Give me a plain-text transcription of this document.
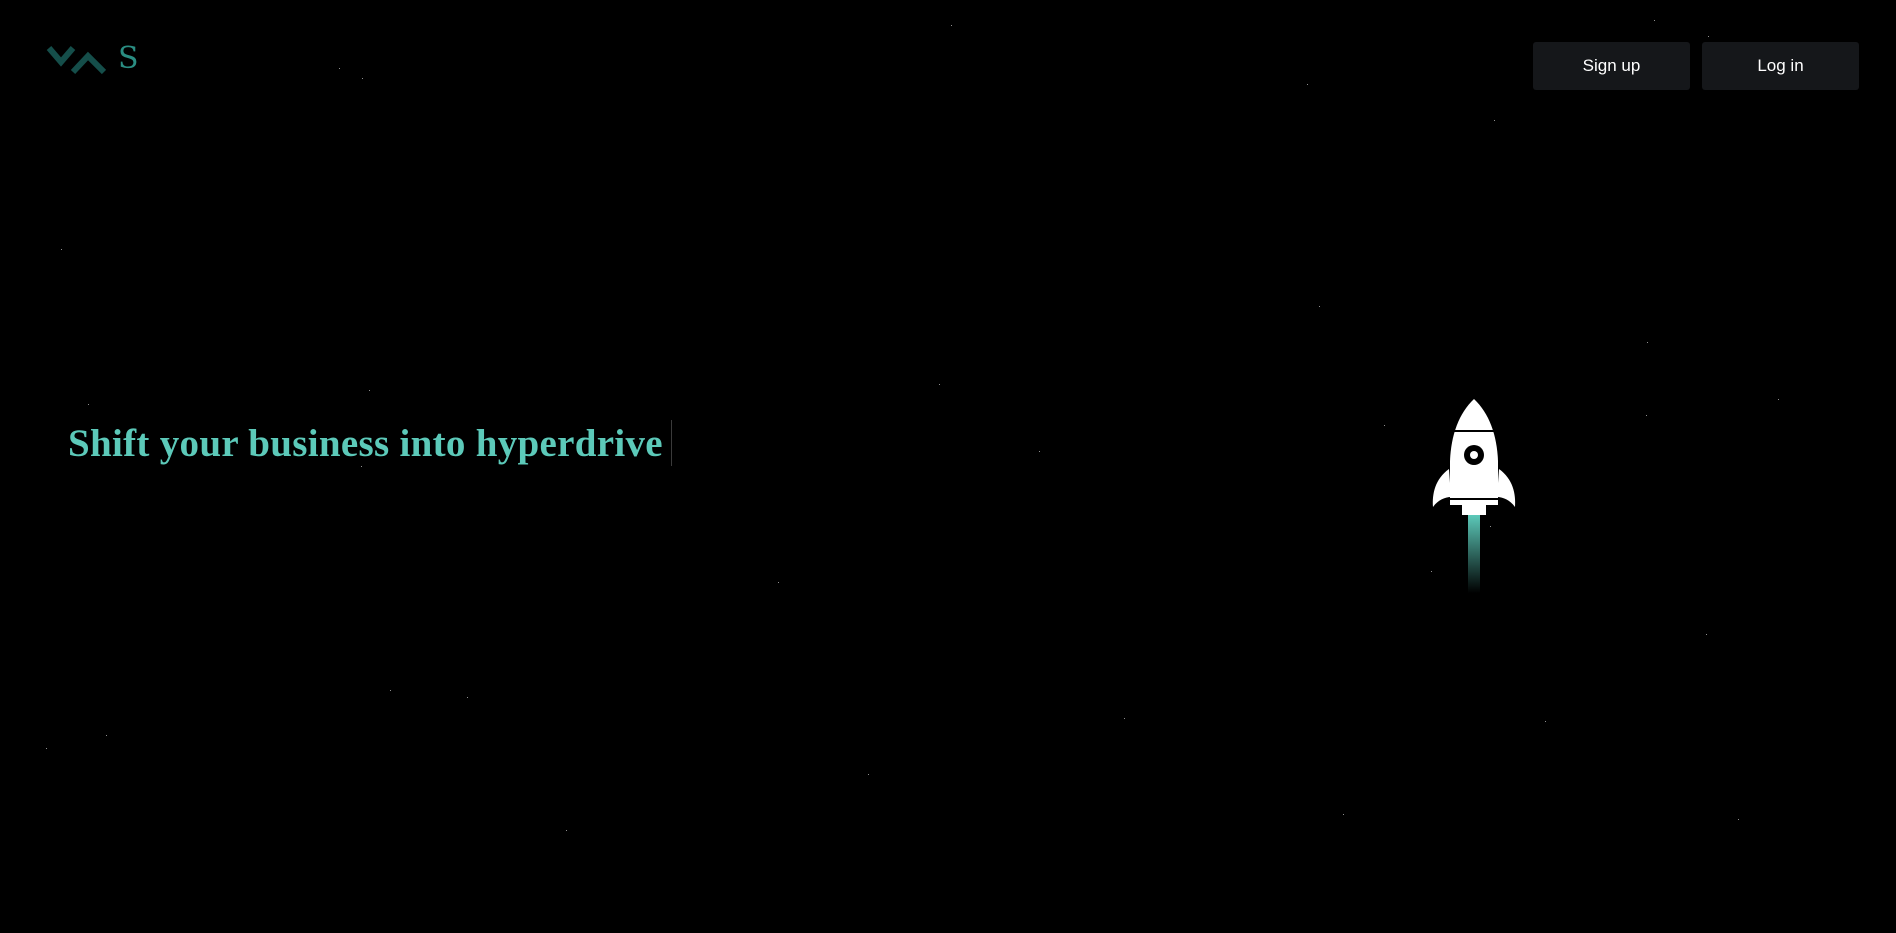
S	Sign up	Log in
Shift your business into hyperdrive
